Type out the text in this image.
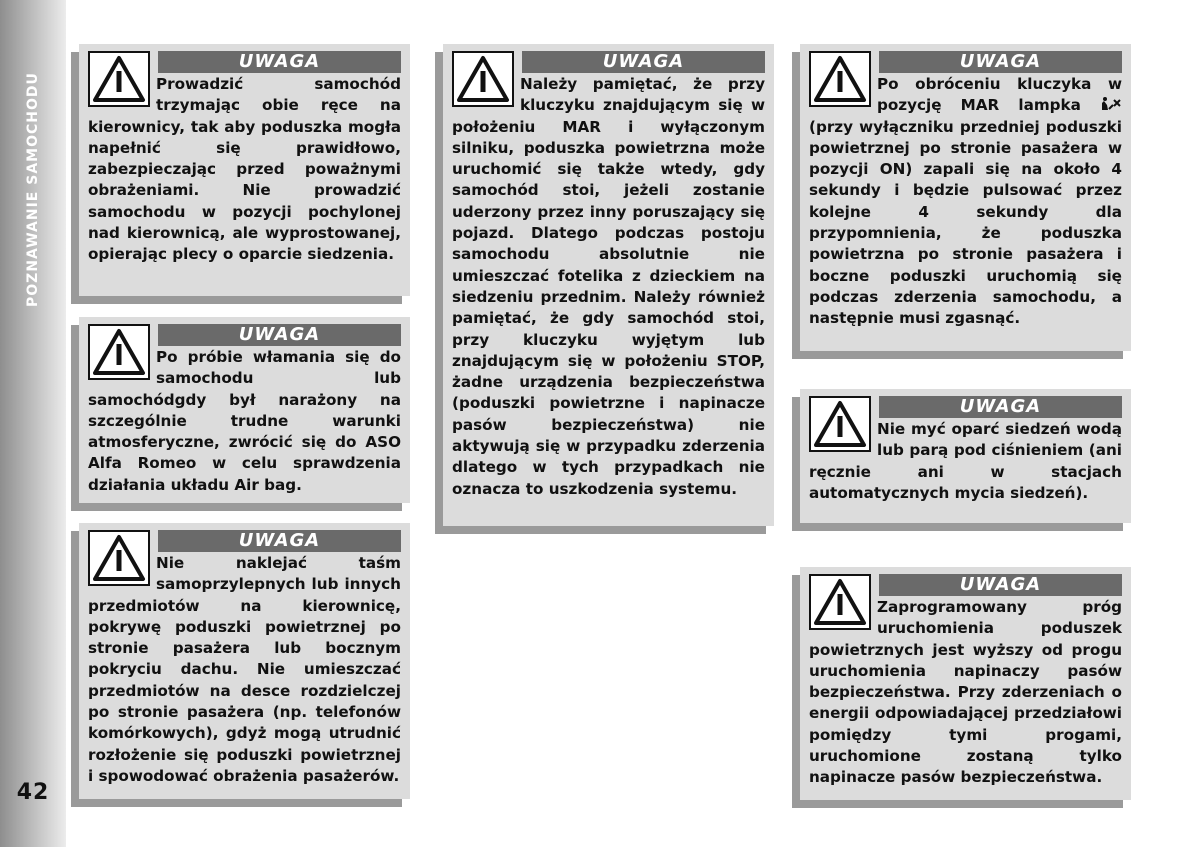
POZNAWANIE SAMOCHODU
42
UWAGA

Prowadzić samochód trzymając obie ręce na kierownicy, tak aby poduszka mogła napełnić się prawidłowo, zabezpieczając przed poważnymi obrażeniami. Nie prowadzić samochodu w pozycji pochylonej nad kierownicą, ale wyprostowanej, opierając plecy o oparcie siedzenia.

UWAGA

Po próbie włamania się do samochodu lub samochódgdy był narażony na szczególnie trudne warunki atmosferyczne, zwrócić się do ASO Alfa Romeo w celu sprawdzenia działania układu Air bag.

UWAGA

Nie naklejać taśm samoprzylepnych lub innych przedmiotów na kierownicę, pokrywę poduszki powietrznej po stronie pasażera lub bocznym pokryciu dachu. Nie umieszczać przedmiotów na desce rozdzielczej po stronie pasażera (np. telefonów komórkowych), gdyż mogą utrudnić rozłożenie się poduszki powietrznej i spowodować obrażenia pasażerów.

UWAGA

Należy pamiętać, że przy kluczyku znajdującym się w położeniu MAR i wyłączonym silniku, poduszka powietrzna może uruchomić się także wtedy, gdy samochód stoi, jeżeli zostanie uderzony przez inny poruszający się pojazd. Dlatego podczas postoju samochodu absolutnie nie umieszczać fotelika z dzieckiem na siedzeniu przednim. Należy również pamiętać, że gdy samochód stoi, przy kluczyku wyjętym lub znajdującym się w położeniu STOP, żadne urządzenia bezpieczeństwa (poduszki powietrzne i napinacze pasów bezpieczeństwa) nie aktywują się w przypadku zderzenia dlatego w tych przypadkach nie oznacza to uszkodzenia systemu.

UWAGA

Po obróceniu kluczyka w pozycję MAR lampka  (przy wyłączniku przedniej poduszki powietrznej po stronie pasażera w pozycji ON) zapali się na około 4 sekundy i będzie pulsować przez kolejne 4 sekundy dla przypomnienia, że poduszka powietrzna po stronie pasażera i boczne poduszki uruchomią się podczas zderzenia samochodu, a następnie musi zgasnąć.

UWAGA

Nie myć oparć siedzeń wodą lub parą pod ciśnieniem (ani ręcznie ani w stacjach automatycznych mycia siedzeń).

UWAGA

Zaprogramowany próg uruchomienia poduszek powietrznych jest wyższy od progu uruchomienia napinaczy pasów bezpieczeństwa. Przy zderzeniach o energii odpowiadającej przedziałowi pomiędzy tymi progami, uruchomione zostaną tylko napinacze pasów bezpieczeństwa.
